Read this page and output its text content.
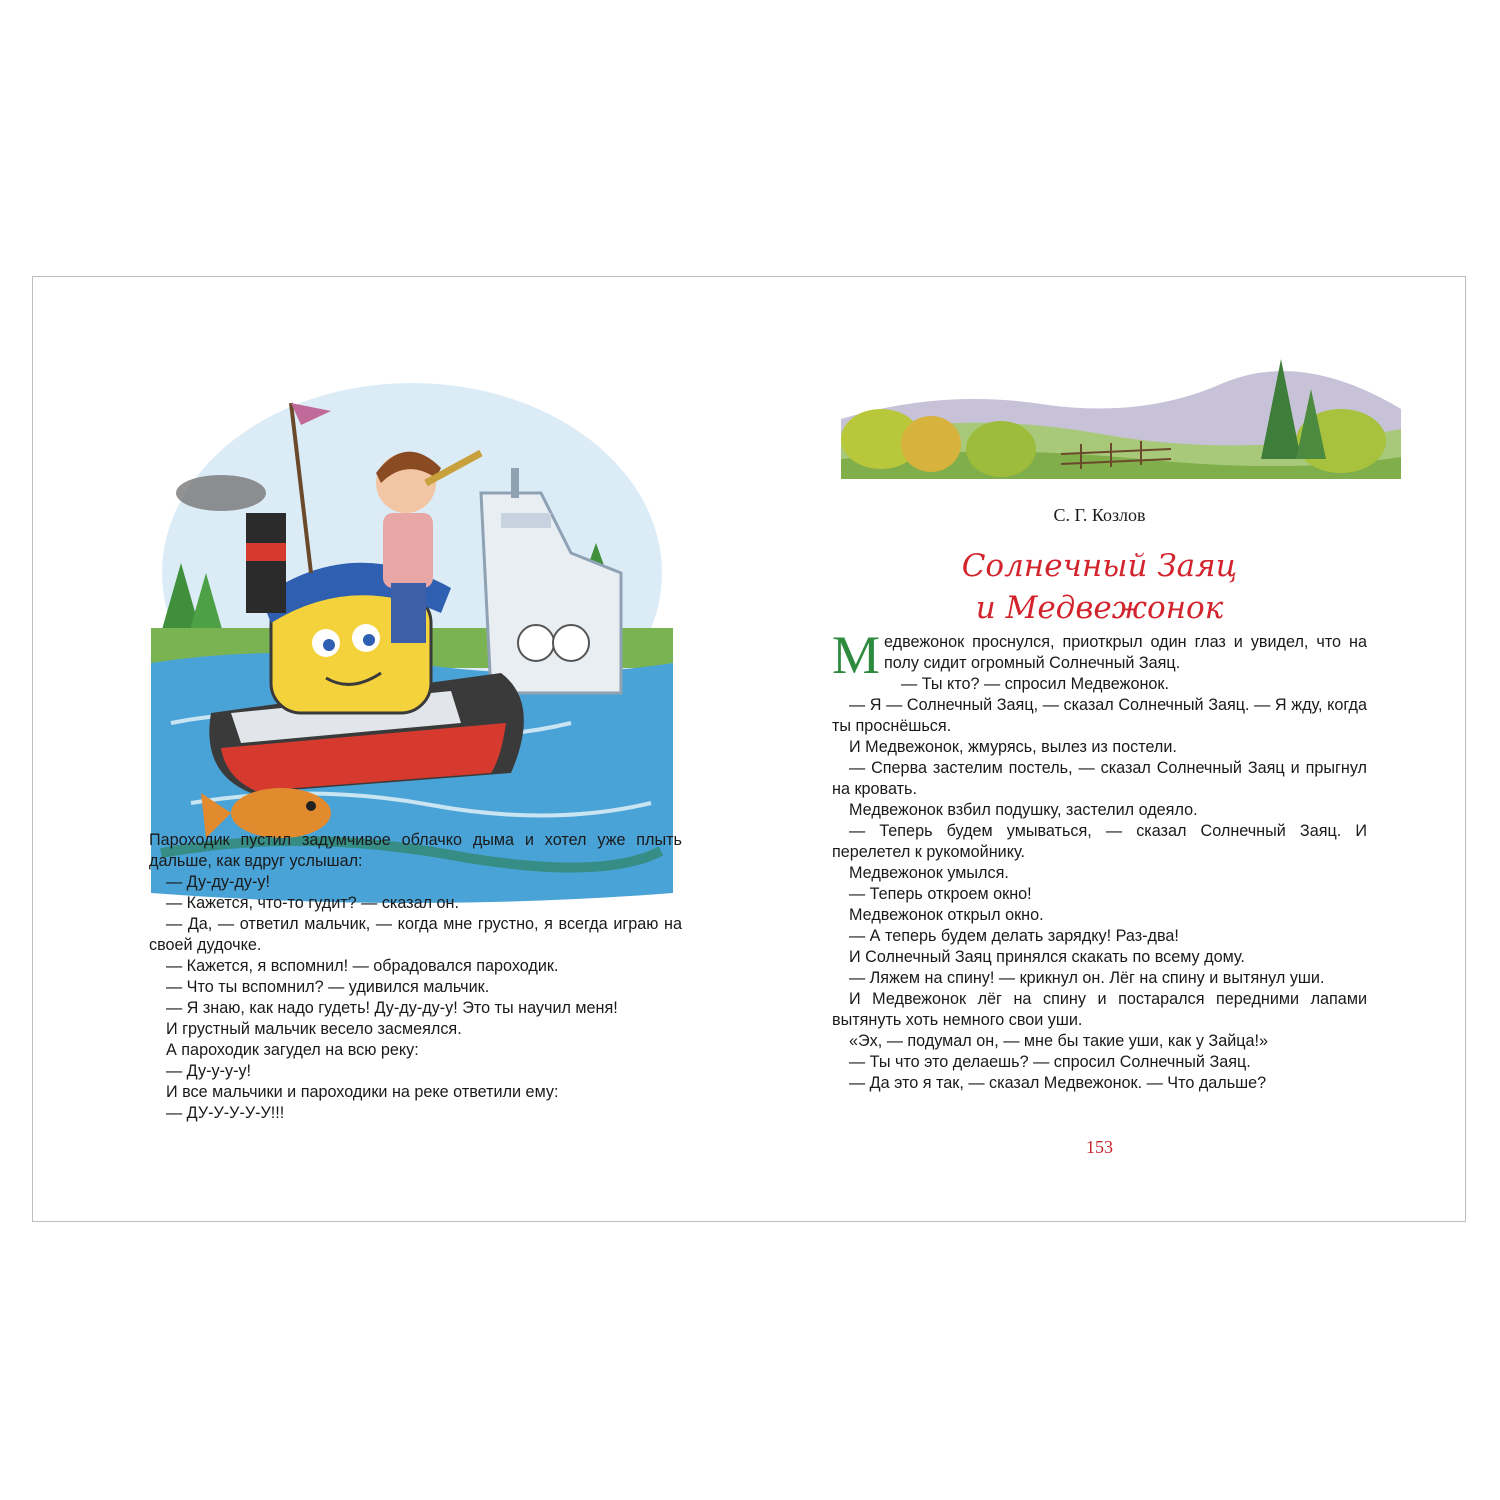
Пароходик пустил задумчивое облачко дыма и хотел уже плыть дальше, как вдруг услышал:

— Ду-ду-ду-у!

— Кажется, что-то гудит? — сказал он.

— Да, — ответил мальчик, — когда мне грустно, я всегда играю на своей дудочке.

— Кажется, я вспомнил! — обрадовался пароходик.

— Что ты вспомнил? — удивился мальчик.

— Я знаю, как надо гудеть! Ду-ду-ду-у! Это ты научил меня!

И грустный мальчик весело засмеялся.

А пароходик загудел на всю реку:

— Ду-у-у-у!

И все мальчики и пароходики на реке ответили ему:

— ДУ-У-У-У-У!!!

С. Г. Козлов
Солнечный Заяц
и Медвежонок

Медвежонок проснулся, приоткрыл один глаз и увидел, что на полу сидит огромный Солнечный Заяц.

— Ты кто? — спросил Медвежонок.

— Я — Солнечный Заяц, — сказал Солнечный Заяц. — Я жду, когда ты проснёшься.

И Медвежонок, жмурясь, вылез из постели.

— Сперва застелим постель, — сказал Солнечный Заяц и прыгнул на кровать.

Медвежонок взбил подушку, застелил одеяло.

— Теперь будем умываться, — сказал Солнечный Заяц. И перелетел к рукомойнику.

Медвежонок умылся.

— Теперь откроем окно!

Медвежонок открыл окно.

— А теперь будем делать зарядку! Раз-два!

И Солнечный Заяц принялся скакать по всему дому.

— Ляжем на спину! — крикнул он. Лёг на спину и вытянул уши.

И Медвежонок лёг на спину и постарался передними лапами вытянуть хоть немного свои уши.

«Эх, — подумал он, — мне бы такие уши, как у Зайца!»

— Ты что это делаешь? — спросил Солнечный Заяц.

— Да это я так, — сказал Медвежонок. — Что дальше?

153
